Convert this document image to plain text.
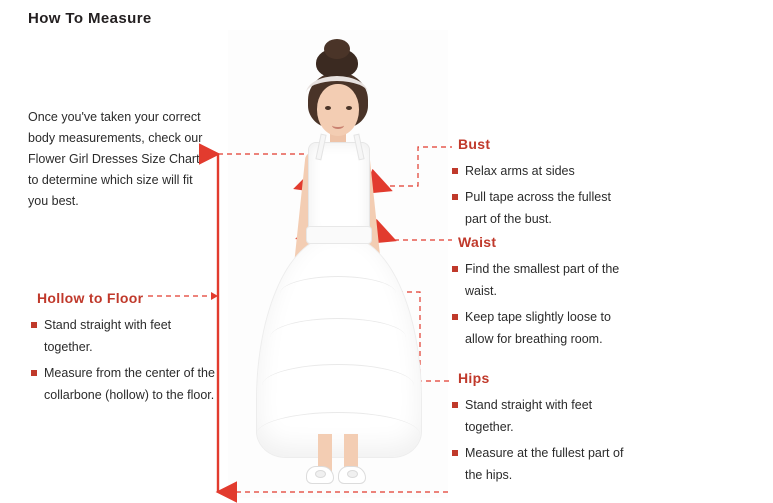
How To Measure
Once you've taken your correct body measurements, check our Flower Girl Dresses Size Chart to determine which size will fit you best.
Bust
Relax arms at sides
Pull tape across the fullest part of the bust.
Waist
Find the smallest part of the waist.
Keep tape slightly loose to allow for breathing room.
Hips
Stand straight with feet together.
Measure at the fullest part of the hips.
Hollow to Floor
Stand straight with feet together.
Measure from the center of the collarbone (hollow) to the floor.
